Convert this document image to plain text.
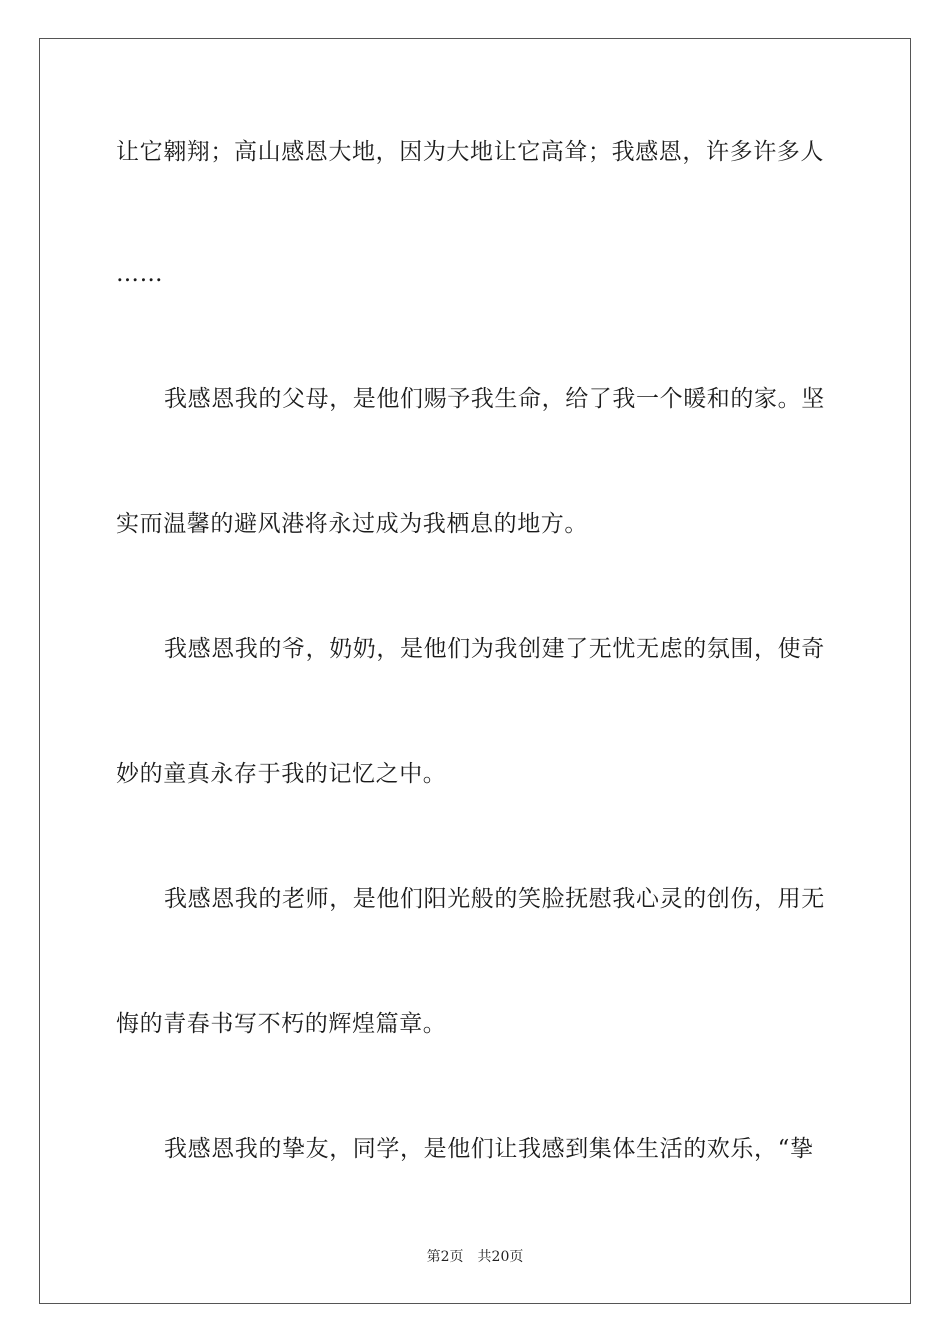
让它翱翔；高山感恩大地，因为大地让它高耸；我感恩，许多许多人
……
我感恩我的父母，是他们赐予我生命，给了我一个暖和的家。坚
实而温馨的避风港将永过成为我栖息的地方。
我感恩我的爷，奶奶，是他们为我创建了无忧无虑的氛围，使奇
妙的童真永存于我的记忆之中。
我感恩我的老师，是他们阳光般的笑脸抚慰我心灵的创伤，用无
悔的青春书写不朽的辉煌篇章。
我感恩我的挚友，同学，是他们让我感到集体生活的欢乐，“挚
第2页 共20页
